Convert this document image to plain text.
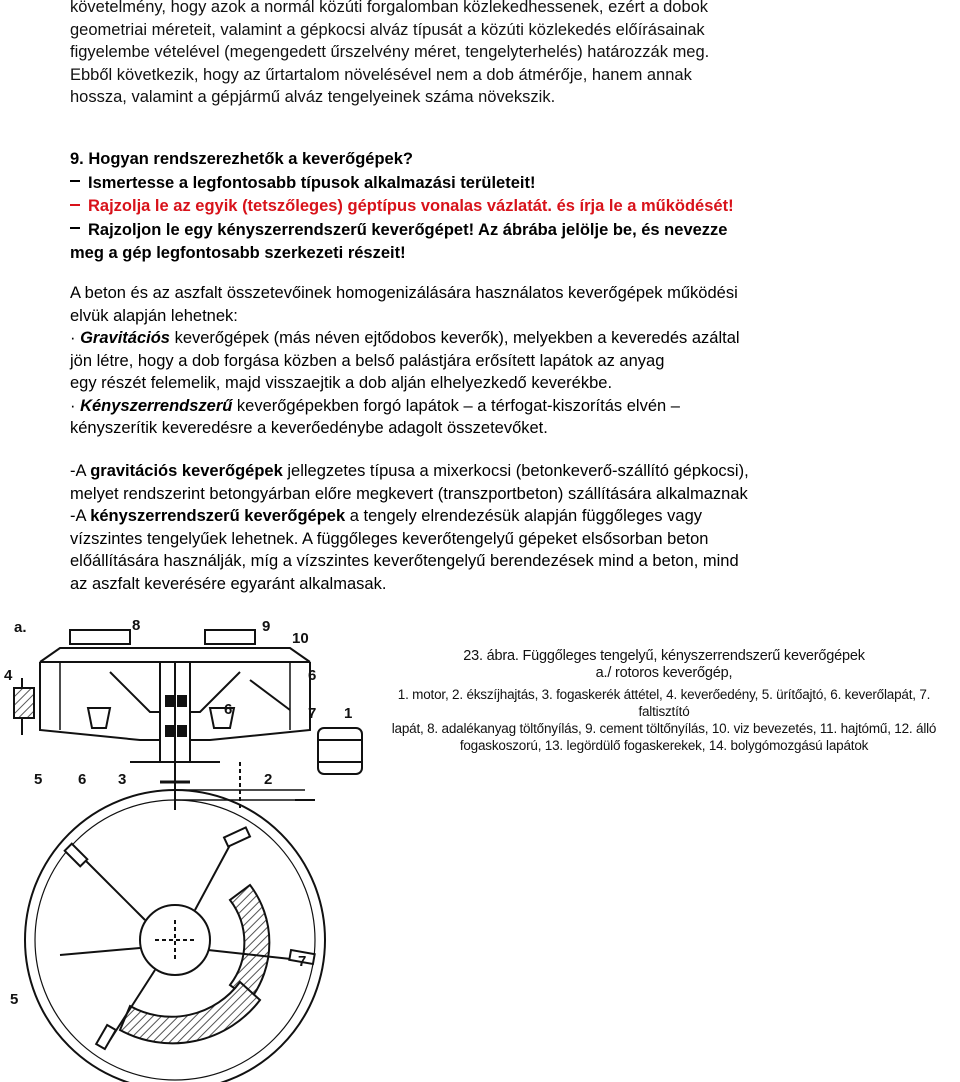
követelmény, hogy azok a normál közúti forgalomban közlekedhessenek, ezért a dobok

geometriai méreteit, valamint a gépkocsi alváz típusát a közúti közlekedés előírásainak

figyelembe vételével (megengedett űrszelvény méret, tengelyterhelés) határozzák meg.

Ebből következik, hogy az űrtartalom növelésével nem a dob átmérője, hanem annak

hossza, valamint a gépjármű alváz tengelyeinek száma növekszik.

9. Hogyan rendszerezhetők a keverőgépek?
Ismertesse a legfontosabb típusok alkalmazási területeit!
Rajzolja le az egyik (tetszőleges) géptípus vonalas vázlatát. és írja le a működését!
Rajzoljon le egy kényszerrendszerű keverőgépet! Az ábrába jelölje be, és nevezze
meg a gép legfontosabb szerkezeti részeit!

A beton és az aszfalt összetevőinek homogenizálására használatos keverőgépek működési

elvük alapján lehetnek:

· Gravitációs keverőgépek (más néven ejtődobos keverők), melyekben a keveredés azáltal

jön létre, hogy a dob forgása közben a belső palástjára erősített lapátok az anyag

egy részét felemelik, majd visszaejtik a dob alján elhelyezkedő keverékbe.

· Kényszerrendszerű keverőgépekben forgó lapátok – a térfogat-kiszorítás elvén –

kényszerítik keveredésre a keverőedénybe adagolt összetevőket.

-A gravitációs keverőgépek jellegzetes típusa a mixerkocsi (betonkeverő-szállító gépkocsi),

melyet rendszerint betongyárban előre megkevert (transzportbeton) szállítására alkalmaznak

-A kényszerrendszerű keverőgépek a tengely elrendezésük alapján függőleges vagy

vízszintes tengelyűek lehetnek. A függőleges keverőtengelyű gépeket elsősorban beton

előállítására használják, míg a vízszintes keverőtengelyű berendezések mind a beton, mind

az aszfalt keverésére egyaránt alkalmasak.

23. ábra. Függőleges tengelyű, kényszerrendszerű keverőgépek
a./ rotoros keverőgép,
1. motor, 2. ékszíjhajtás, 3. fogaskerék áttétel, 4. keverőedény, 5. ürítőajtó, 6. keverőlapát, 7. faltisztító
lapát, 8. adalékanyag töltőnyílás, 9. cement töltőnyílás, 10. viz bevezetés, 11. hajtómű, 12. álló
fogaskoszorú, 13. legördülő fogaskerekek, 14. bolygómozgású lapátok
a.	8	9
10
4	6
6	7 1
2
5 6 3
5
7
